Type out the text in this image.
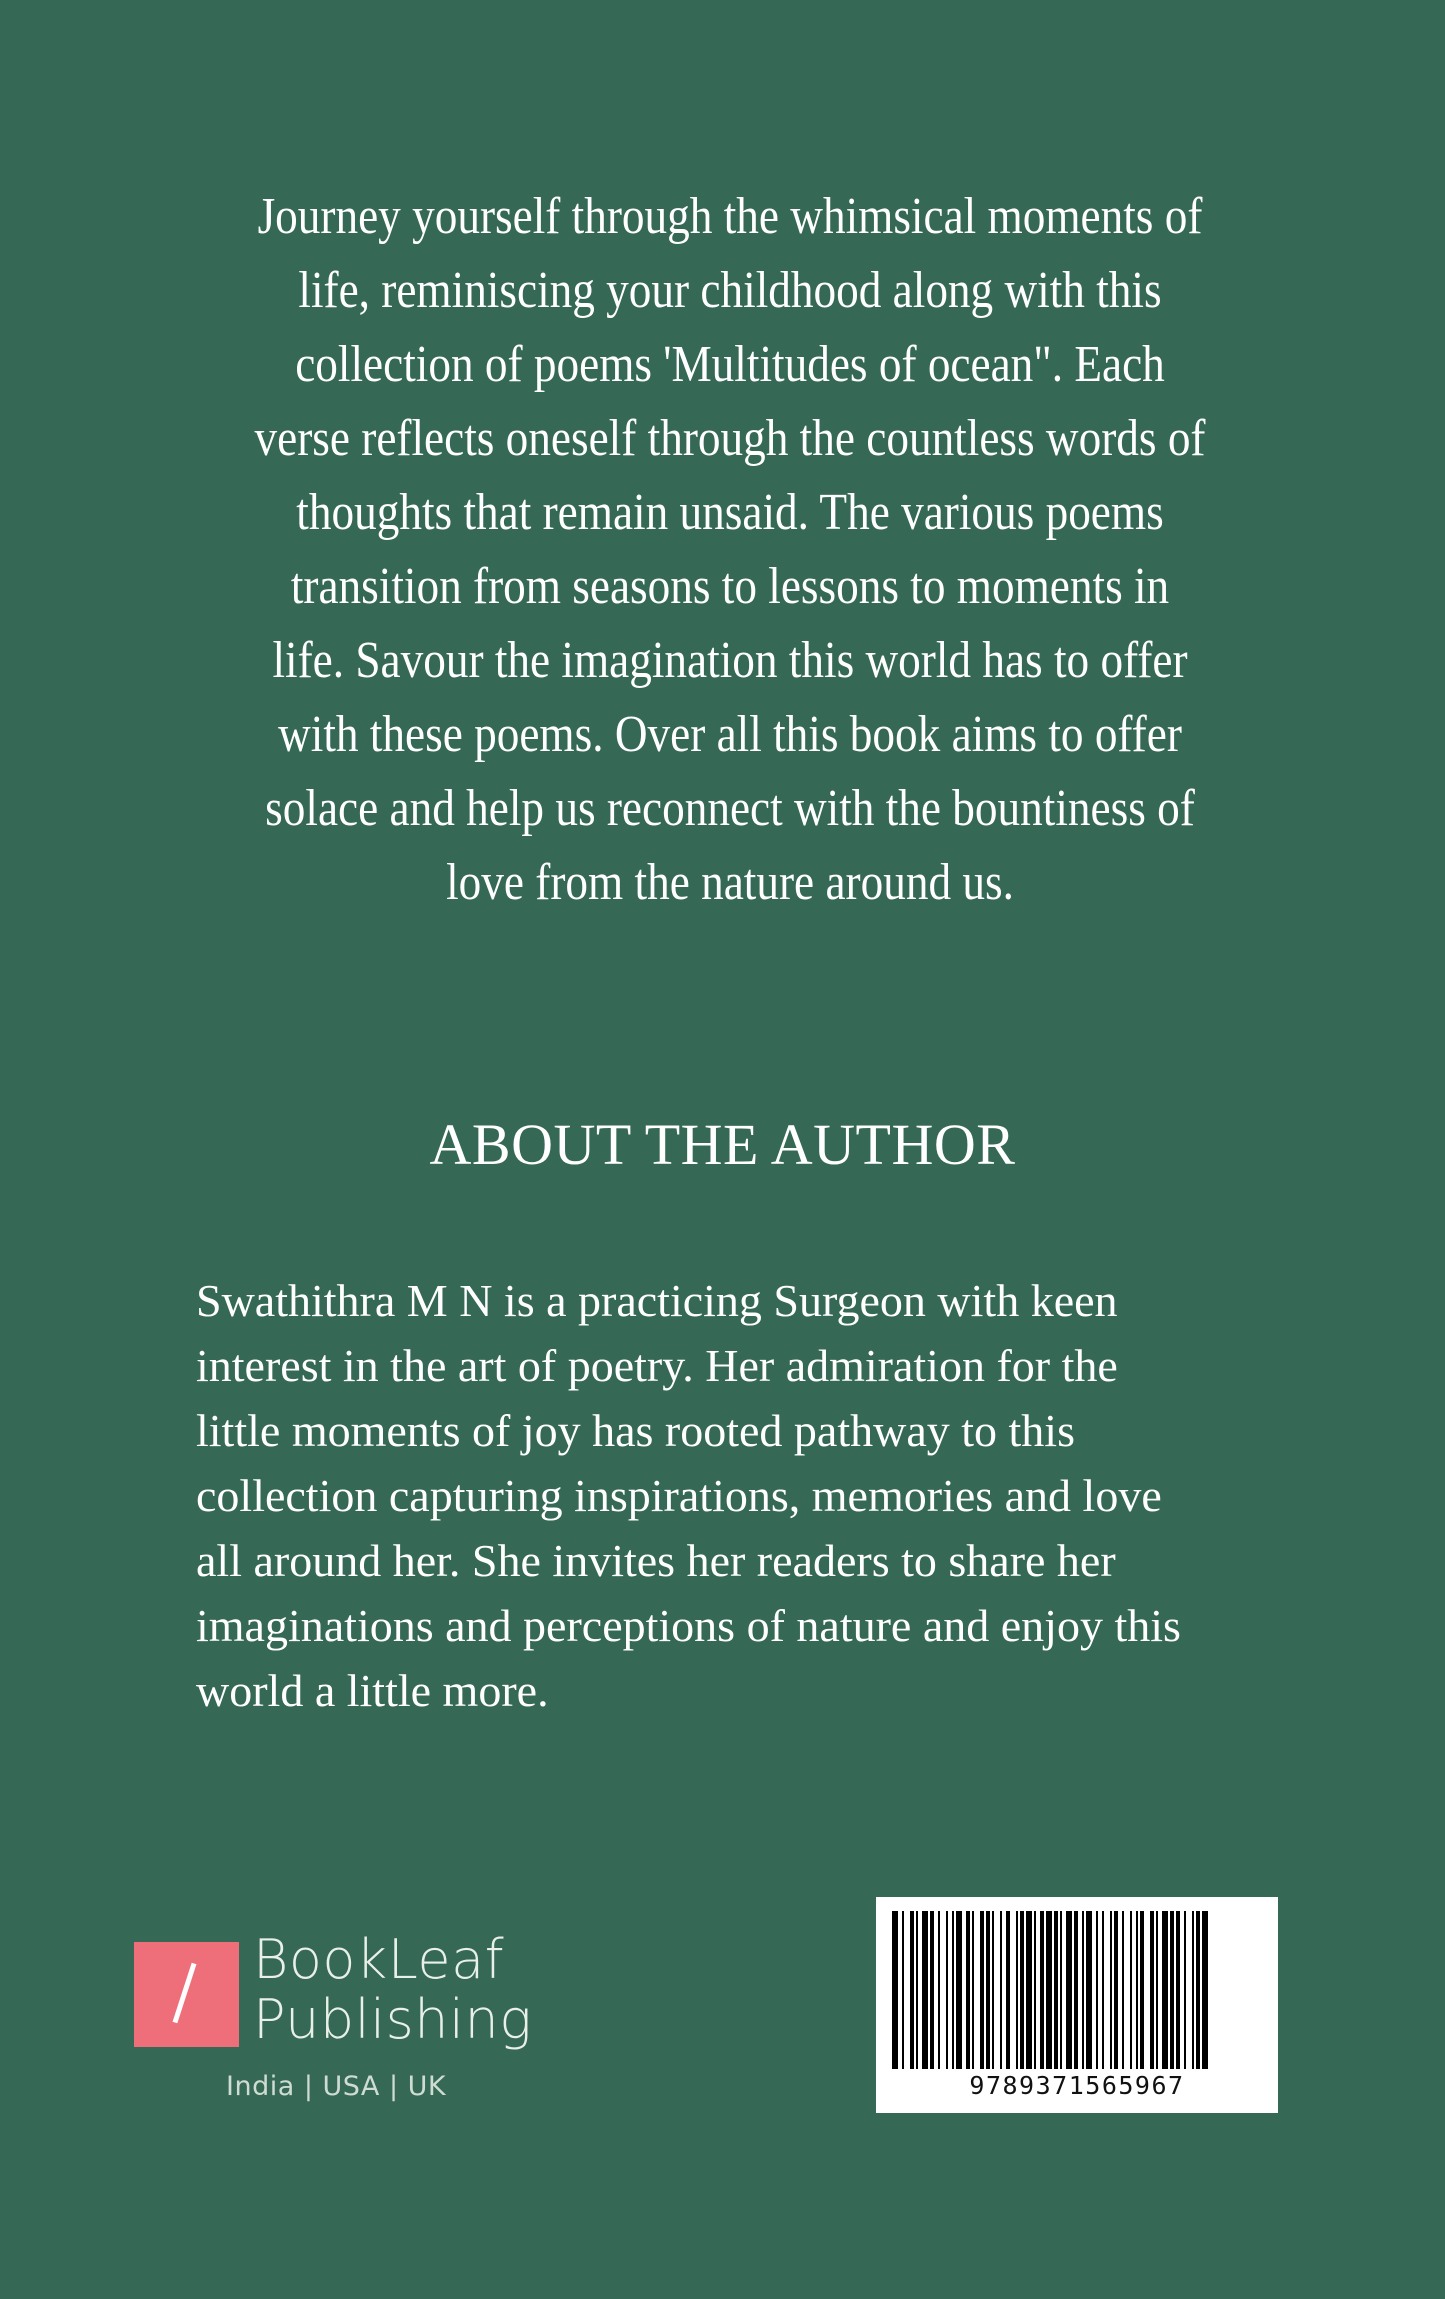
Journey yourself through the whimsical moments of
life, reminiscing your childhood along with this
collection of poems 'Multitudes of ocean". Each
verse reflects oneself through the countless words of
thoughts that remain unsaid. The various poems
transition from seasons to lessons to moments in
life. Savour the imagination this world has to offer
with these poems. Over all this book aims to offer
solace and help us reconnect with the bountiness of
love from the nature around us.
ABOUT THE AUTHOR
Swathithra M N is a practicing Surgeon with keen
interest in the art of poetry. Her admiration for the
little moments of joy has rooted pathway to this
collection capturing inspirations, memories and love
all around her. She invites her readers to share her
imaginations and perceptions of nature and enjoy this
world a little more.
BookLeaf
Publishing
India | USA | UK	9789371565967
